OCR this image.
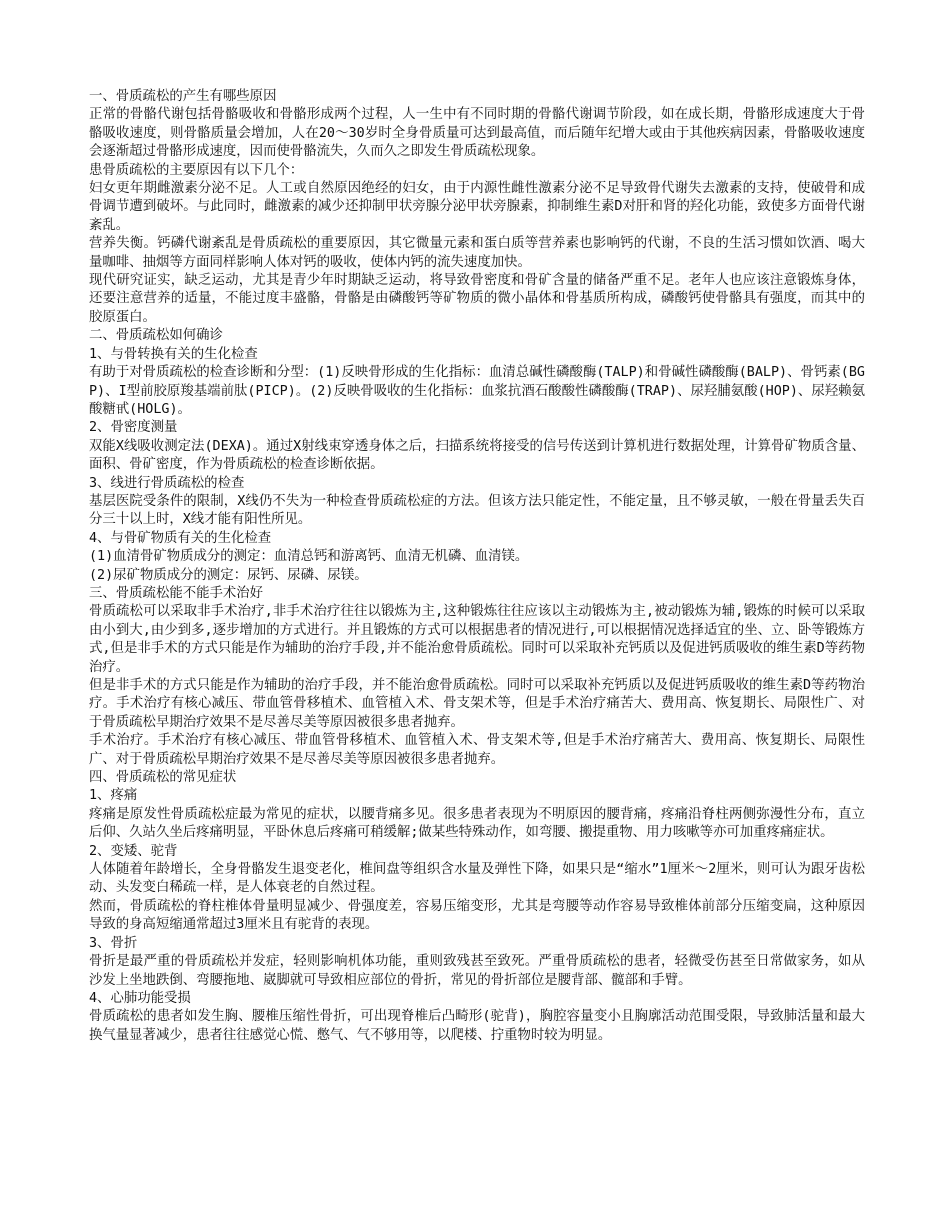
一、骨质疏松的产生有哪些原因

正常的骨骼代谢包括骨骼吸收和骨骼形成两个过程，人一生中有不同时期的骨骼代谢调节阶段，如在成长期，骨骼形成速度大于骨骼吸收速度，则骨骼质量会增加，人在20～30岁时全身骨质量可达到最高值，而后随年纪增大或由于其他疾病因素，骨骼吸收速度会逐渐超过骨骼形成速度，因而使骨骼流失，久而久之即发生骨质疏松现象。

患骨质疏松的主要原因有以下几个：

妇女更年期雌激素分泌不足。人工或自然原因绝经的妇女，由于内源性雌性激素分泌不足导致骨代谢失去激素的支持，使破骨和成骨调节遭到破坏。与此同时，雌激素的减少还抑制甲状旁腺分泌甲状旁腺素，抑制维生素D对肝和肾的羟化功能，致使多方面骨代谢紊乱。

营养失衡。钙磷代谢紊乱是骨质疏松的重要原因，其它微量元素和蛋白质等营养素也影响钙的代谢，不良的生活习惯如饮酒、喝大量咖啡、抽烟等方面同样影响人体对钙的吸收，使体内钙的流失速度加快。

现代研究证实，缺乏运动，尤其是青少年时期缺乏运动，将导致骨密度和骨矿含量的储备严重不足。老年人也应该注意锻炼身体，还要注意营养的适量，不能过度丰盛骼，骨骼是由磷酸钙等矿物质的微小晶体和骨基质所构成，磷酸钙使骨骼具有强度，而其中的胶原蛋白。

二、骨质疏松如何确诊

1、与骨转换有关的生化检查

有助于对骨质疏松的检查诊断和分型：(1)反映骨形成的生化指标：血清总碱性磷酸酶(TALP)和骨碱性磷酸酶(BALP)、骨钙素(BGP)、I型前胶原羧基端前肽(PICP)。(2)反映骨吸收的生化指标：血浆抗酒石酸酸性磷酸酶(TRAP)、尿羟脯氨酸(HOP)、尿羟赖氨酸糖甙(HOLG)。

2、骨密度测量

双能X线吸收测定法(DEXA)。通过X射线束穿透身体之后，扫描系统将接受的信号传送到计算机进行数据处理，计算骨矿物质含量、面积、骨矿密度，作为骨质疏松的检查诊断依据。

3、线进行骨质疏松的检查

基层医院受条件的限制，X线仍不失为一种检查骨质疏松症的方法。但该方法只能定性，不能定量，且不够灵敏，一般在骨量丢失百分三十以上时，X线才能有阳性所见。

4、与骨矿物质有关的生化检查

(1)血清骨矿物质成分的测定：血清总钙和游离钙、血清无机磷、血清镁。

(2)尿矿物质成分的测定：尿钙、尿磷、尿镁。

三、骨质疏松能不能手术治好

骨质疏松可以采取非手术治疗,非手术治疗往往以锻炼为主,这种锻炼往往应该以主动锻炼为主,被动锻炼为辅,锻炼的时候可以采取由小到大,由少到多,逐步增加的方式进行。并且锻炼的方式可以根据患者的情况进行,可以根据情况选择适宜的坐、立、卧等锻炼方式,但是非手术的方式只能是作为辅助的治疗手段,并不能治愈骨质疏松。同时可以采取补充钙质以及促进钙质吸收的维生素D等药物治疗。

但是非手术的方式只能是作为辅助的治疗手段，并不能治愈骨质疏松。同时可以采取补充钙质以及促进钙质吸收的维生素D等药物治疗。手术治疗有核心减压、带血管骨移植术、血管植入术、骨支架术等，但是手术治疗痛苦大、费用高、恢复期长、局限性广、对于骨质疏松早期治疗效果不是尽善尽美等原因被很多患者抛弃。

手术治疗。手术治疗有核心减压、带血管骨移植术、血管植入术、骨支架术等,但是手术治疗痛苦大、费用高、恢复期长、局限性广、对于骨质疏松早期治疗效果不是尽善尽美等原因被很多患者抛弃。

四、骨质疏松的常见症状

1、疼痛

疼痛是原发性骨质疏松症最为常见的症状，以腰背痛多见。很多患者表现为不明原因的腰背痛，疼痛沿脊柱两侧弥漫性分布，直立后仰、久站久坐后疼痛明显，平卧休息后疼痛可稍缓解;做某些特殊动作，如弯腰、搬提重物、用力咳嗽等亦可加重疼痛症状。

2、变矮、驼背

人体随着年龄增长，全身骨骼发生退变老化，椎间盘等组织含水量及弹性下降，如果只是“缩水”1厘米～2厘米，则可认为跟牙齿松动、头发变白稀疏一样，是人体衰老的自然过程。

然而，骨质疏松的脊柱椎体骨量明显减少、骨强度差，容易压缩变形，尤其是弯腰等动作容易导致椎体前部分压缩变扁，这种原因导致的身高短缩通常超过3厘米且有驼背的表现。

3、骨折

骨折是最严重的骨质疏松并发症，轻则影响机体功能，重则致残甚至致死。严重骨质疏松的患者，轻微受伤甚至日常做家务，如从沙发上坐地跌倒、弯腰拖地、崴脚就可导致相应部位的骨折，常见的骨折部位是腰背部、髋部和手臂。

4、心肺功能受损

骨质疏松的患者如发生胸、腰椎压缩性骨折，可出现脊椎后凸畸形(驼背)，胸腔容量变小且胸廓活动范围受限，导致肺活量和最大换气量显著减少，患者往往感觉心慌、憋气、气不够用等，以爬楼、拧重物时较为明显。
